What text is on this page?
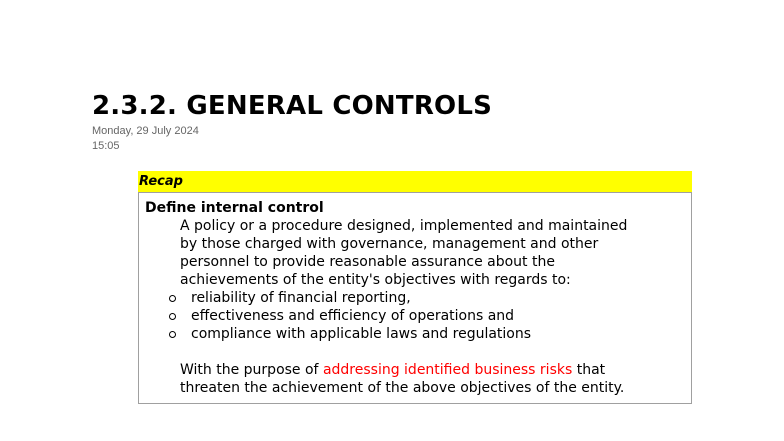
2.3.2. GENERAL CONTROLS
Monday, 29 July 2024
15:05
Recap

Define internal control

A policy or a procedure designed, implemented and maintained
by those charged with governance, management and other
personnel to provide reasonable assurance about the
achievements of the entity's objectives with regards to:

reliability of financial reporting,
effectiveness and efficiency of operations and
compliance with applicable laws and regulations

With the purpose of addressing identified business risks that
threaten the achievement of the above objectives of the entity.
